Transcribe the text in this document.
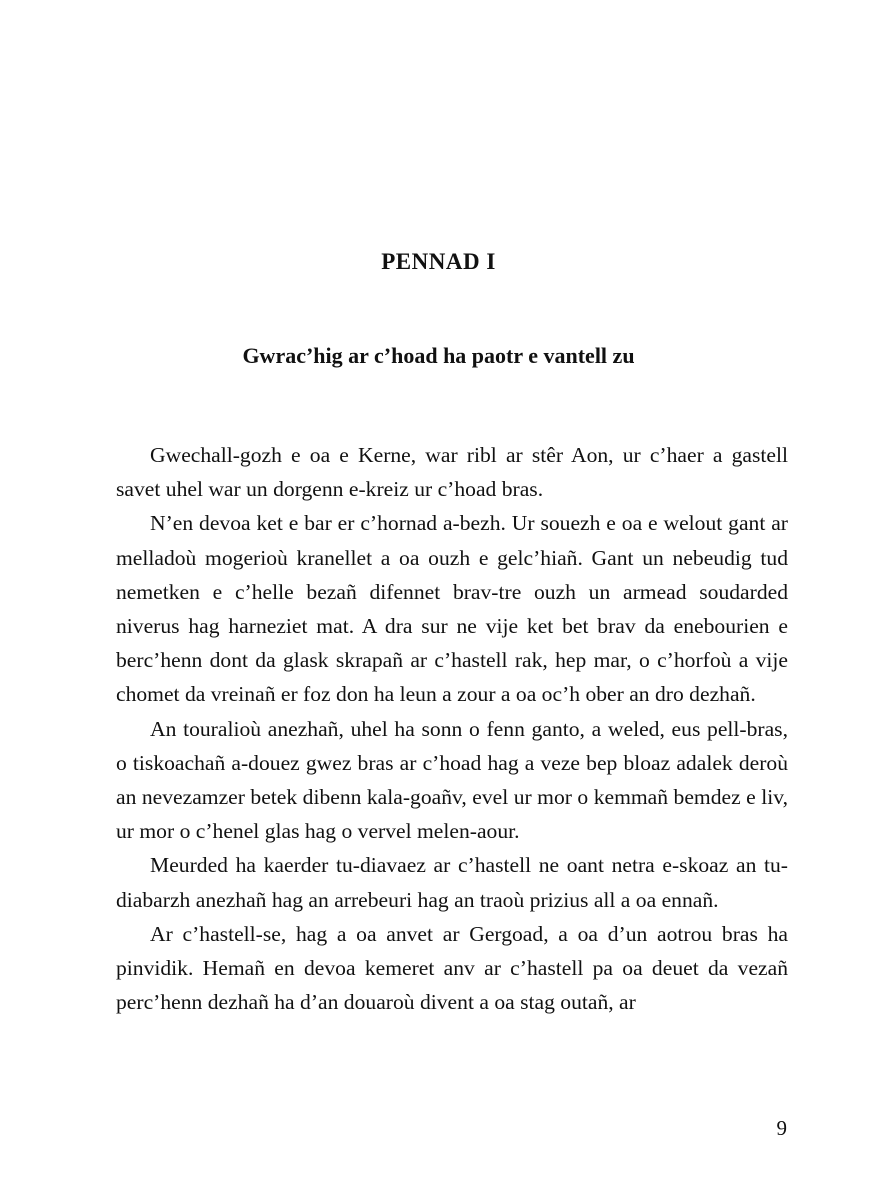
PENNAD I
Gwrac’hig ar c’hoad ha paotr e vantell zu

Gwechall-gozh e oa e Kerne, war ribl ar stêr Aon, ur c’haer a gastell savet uhel war un dorgenn e-kreiz ur c’hoad bras.

N’en devoa ket e bar er c’hornad a-bezh. Ur souezh e oa e welout gant ar melladoù mogerioù kranellet a oa ouzh e gelc’hiañ. Gant un nebeudig tud nemetken e c’helle bezañ difennet brav-tre ouzh un armead soudarded niverus hag harneziet mat. A dra sur ne vije ket bet brav da enebourien e berc’henn dont da glask skrapañ ar c’hastell rak, hep mar, o c’horfoù a vije chomet da vreinañ er foz don ha leun a zour a oa oc’h ober an dro dezhañ.

An touralioù anezhañ, uhel ha sonn o fenn ganto, a weled, eus pell-bras, o tiskoachañ a-douez gwez bras ar c’hoad hag a veze bep bloaz adalek deroù an nevezamzer betek dibenn kala-goañv, evel ur mor o kemmañ bemdez e liv, ur mor o c’henel glas hag o vervel melen-aour.

Meurded ha kaerder tu-diavaez ar c’hastell ne oant netra e-skoaz an tu-diabarzh anezhañ hag an arrebeuri hag an traoù prizius all a oa ennañ.

Ar c’hastell-se, hag a oa anvet ar Gergoad, a oa d’un aotrou bras ha pinvidik. Hemañ en devoa kemeret anv ar c’hastell pa oa deuet da vezañ perc’henn dezhañ ha d’an douaroù divent a oa stag outañ, ar

9
